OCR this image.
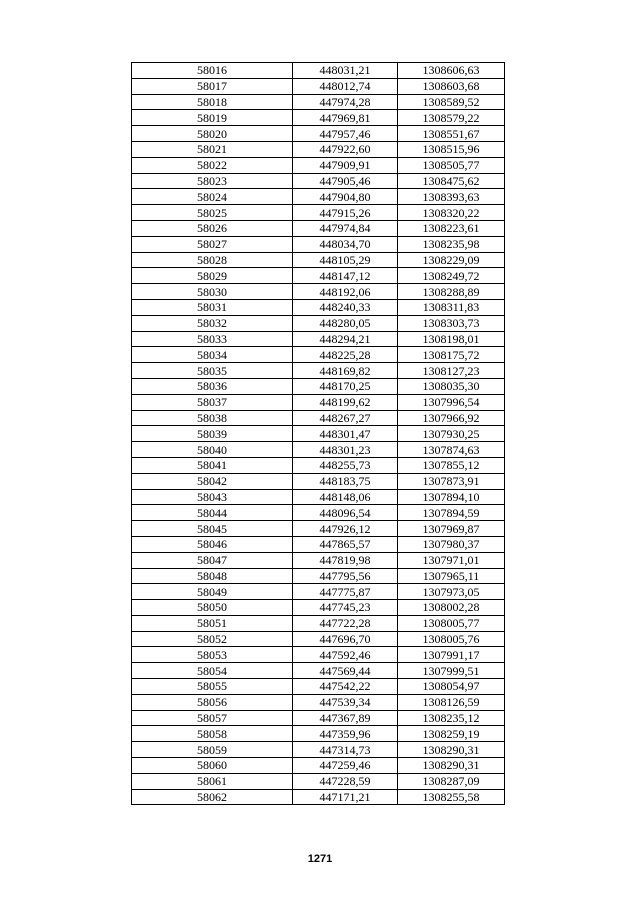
58016	448031,21	1308606,63
58017	448012,74	1308603,68
58018	447974,28	1308589,52
58019	447969,81	1308579,22
58020	447957,46	1308551,67
58021	447922,60	1308515,96
58022	447909,91	1308505,77
58023	447905,46	1308475,62
58024	447904,80	1308393,63
58025	447915,26	1308320,22
58026	447974,84	1308223,61
58027	448034,70	1308235,98
58028	448105,29	1308229,09
58029	448147,12	1308249,72
58030	448192,06	1308288,89
58031	448240,33	1308311,83
58032	448280,05	1308303,73
58033	448294,21	1308198,01
58034	448225,28	1308175,72
58035	448169,82	1308127,23
58036	448170,25	1308035,30
58037	448199,62	1307996,54
58038	448267,27	1307966,92
58039	448301,47	1307930,25
58040	448301,23	1307874,63
58041	448255,73	1307855,12
58042	448183,75	1307873,91
58043	448148,06	1307894,10
58044	448096,54	1307894,59
58045	447926,12	1307969,87
58046	447865,57	1307980,37
58047	447819,98	1307971,01
58048	447795,56	1307965,11
58049	447775,87	1307973,05
58050	447745,23	1308002,28
58051	447722,28	1308005,77
58052	447696,70	1308005,76
58053	447592,46	1307991,17
58054	447569,44	1307999,51
58055	447542,22	1308054,97
58056	447539,34	1308126,59
58057	447367,89	1308235,12
58058	447359,96	1308259,19
58059	447314,73	1308290,31
58060	447259,46	1308290,31
58061	447228,59	1308287,09
58062	447171,21	1308255,58
1271
